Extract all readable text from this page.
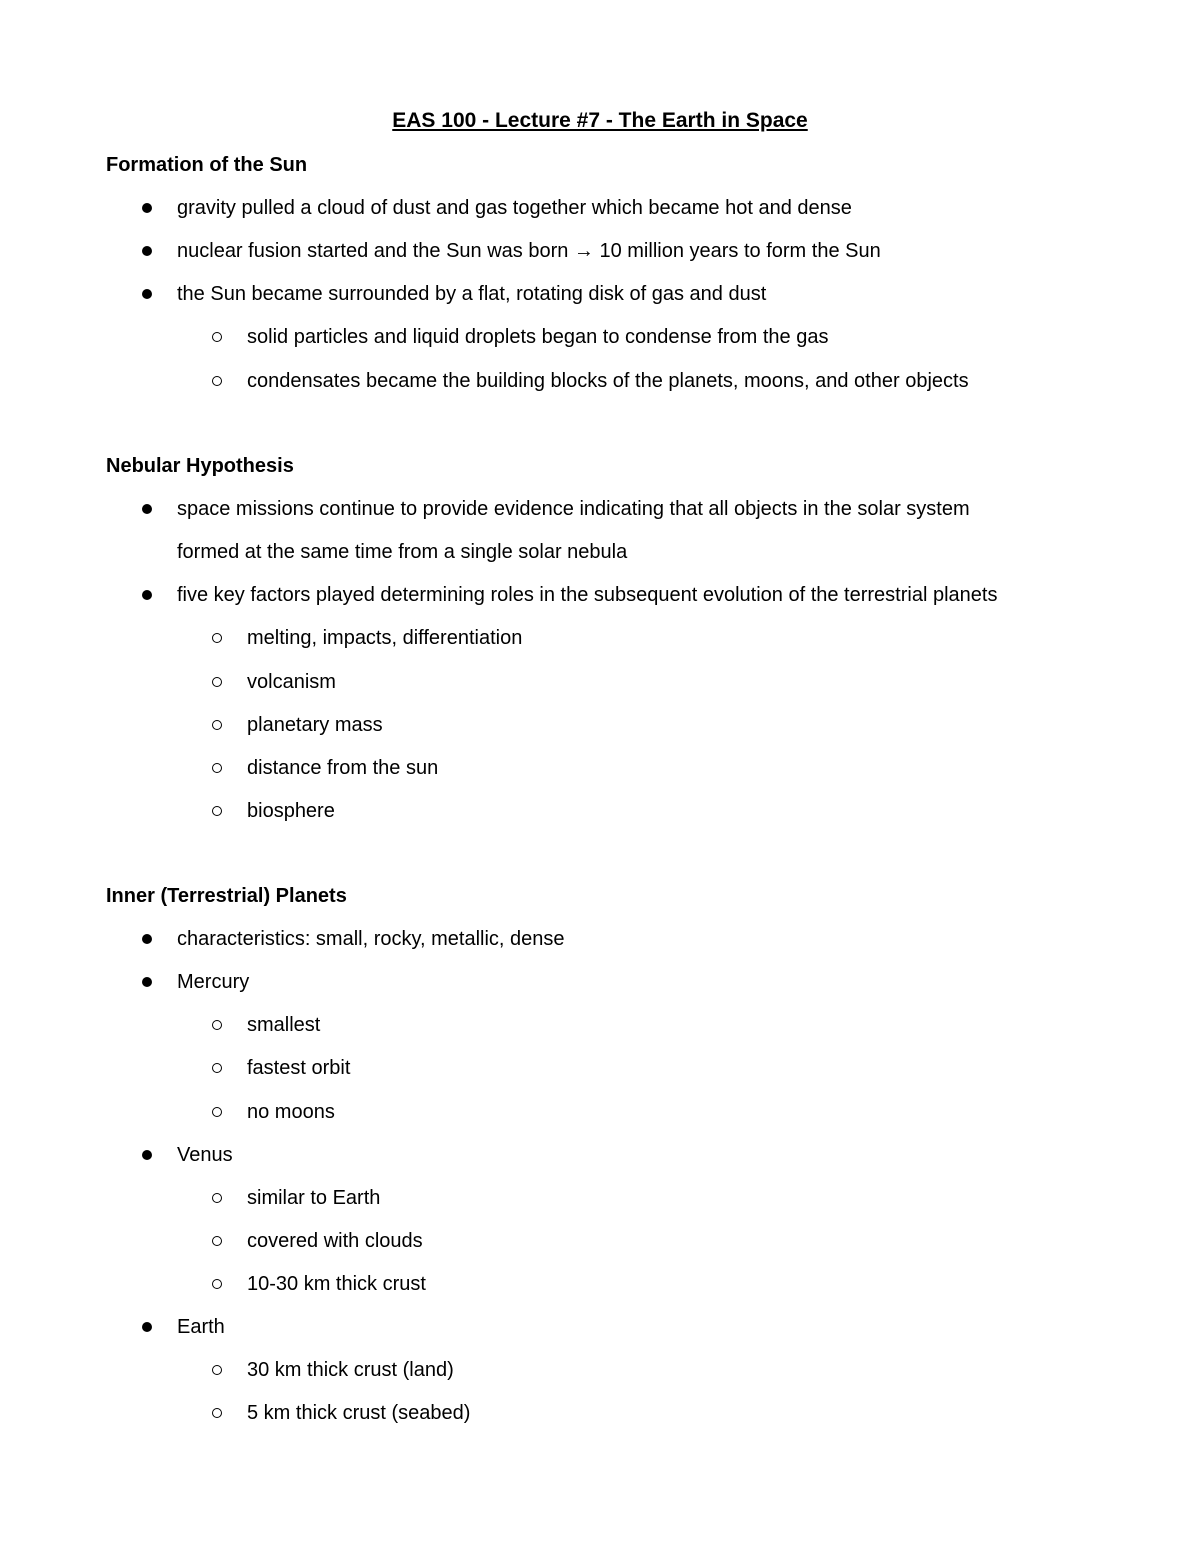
EAS 100 - Lecture #7 - The Earth in Space
Formation of the Sun
gravity pulled a cloud of dust and gas together which became hot and dense
nuclear fusion started and the Sun was born → 10 million years to form the Sun
the Sun became surrounded by a flat, rotating disk of gas and dust
solid particles and liquid droplets began to condense from the gas
condensates became the building blocks of the planets, moons, and other objects
Nebular Hypothesis
space missions continue to provide evidence indicating that all objects in the solar system
formed at the same time from a single solar nebula
five key factors played determining roles in the subsequent evolution of the terrestrial planets
melting, impacts, differentiation
volcanism
planetary mass
distance from the sun
biosphere
Inner (Terrestrial) Planets
characteristics: small, rocky, metallic, dense
Mercury
smallest
fastest orbit
no moons
Venus
similar to Earth
covered with clouds
10-30 km thick crust
Earth
30 km thick crust (land)
5 km thick crust (seabed)
